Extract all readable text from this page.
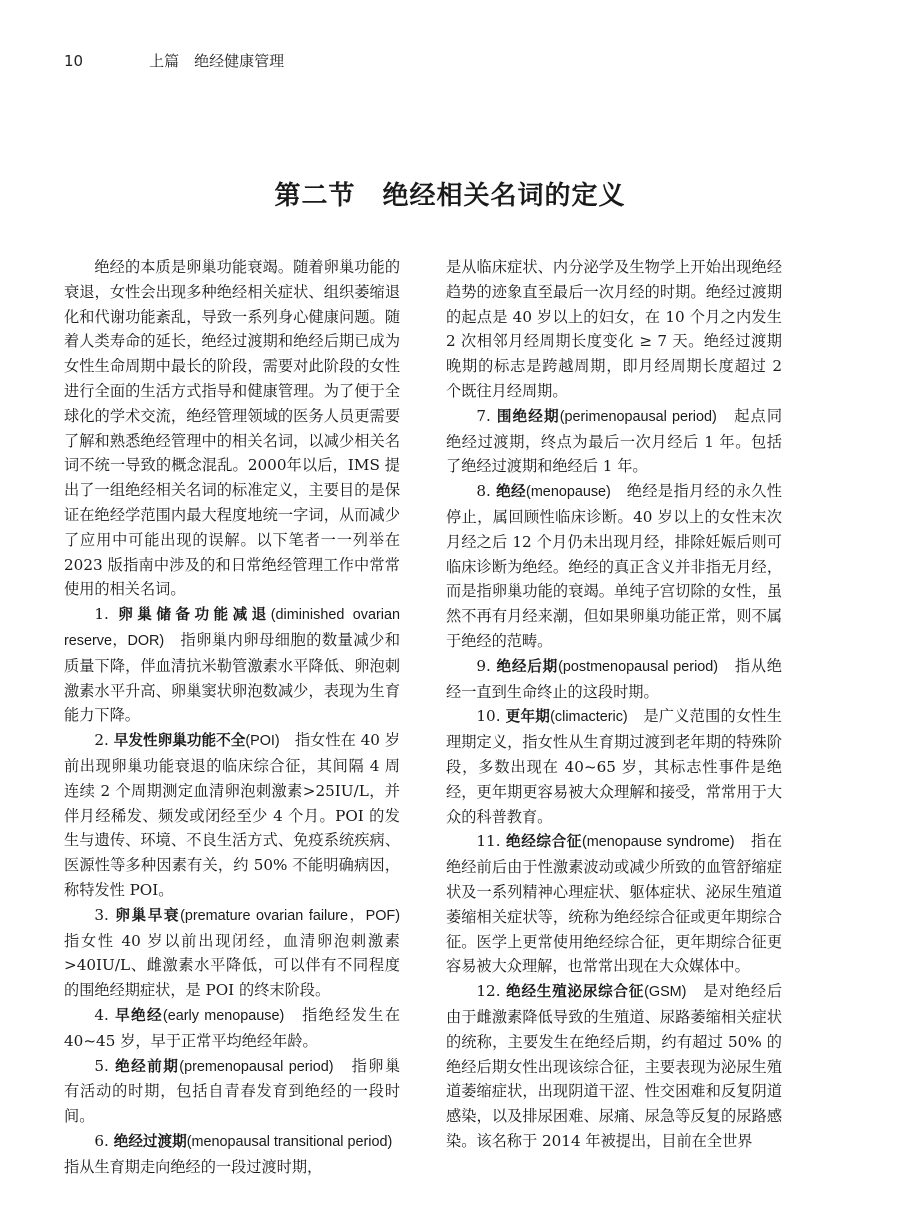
10	上篇　绝经健康管理
第二节　绝经相关名词的定义

绝经的本质是卵巢功能衰竭。随着卵巢功能的衰退，女性会出现多种绝经相关症状、组织萎缩退化和代谢功能紊乱，导致一系列身心健康问题。随着人类寿命的延长，绝经过渡期和绝经后期已成为女性生命周期中最长的阶段，需要对此阶段的女性进行全面的生活方式指导和健康管理。为了便于全球化的学术交流，绝经管理领域的医务人员更需要了解和熟悉绝经管理中的相关名词，以减少相关名词不统一导致的概念混乱。2000年以后，IMS 提出了一组绝经相关名词的标准定义，主要目的是保证在绝经学范围内最大程度地统一字词，从而减少了应用中可能出现的误解。以下笔者一一列举在 2023 版指南中涉及的和日常绝经管理工作中常常使用的相关名词。

1. 卵巢储备功能减退(diminished ovarian reserve，DOR)　指卵巢内卵母细胞的数量减少和质量下降，伴血清抗米勒管激素水平降低、卵泡刺激素水平升高、卵巢窦状卵泡数减少，表现为生育能力下降。

2. 早发性卵巢功能不全(POI)　指女性在 40 岁前出现卵巢功能衰退的临床综合征，其间隔 4 周连续 2 个周期测定血清卵泡刺激素>25IU/L，并伴月经稀发、频发或闭经至少 4 个月。POI 的发生与遗传、环境、不良生活方式、免疫系统疾病、医源性等多种因素有关，约 50% 不能明确病因，称特发性 POI。

3. 卵巢早衰(premature ovarian failure，POF)指女性 40 岁以前出现闭经，血清卵泡刺激素>40IU/L、雌激素水平降低，可以伴有不同程度的围绝经期症状，是 POI 的终末阶段。

4. 早绝经(early menopause)　指绝经发生在 40~45 岁，早于正常平均绝经年龄。

5. 绝经前期(premenopausal period)　指卵巢有活动的时期，包括自青春发育到绝经的一段时间。

6. 绝经过渡期(menopausal transitional period)　指从生育期走向绝经的一段过渡时期，

是从临床症状、内分泌学及生物学上开始出现绝经趋势的迹象直至最后一次月经的时期。绝经过渡期的起点是 40 岁以上的妇女，在 10 个月之内发生 2 次相邻月经周期长度变化 ≥ 7 天。绝经过渡期晚期的标志是跨越周期，即月经周期长度超过 2 个既往月经周期。

7. 围绝经期(perimenopausal period)　起点同绝经过渡期，终点为最后一次月经后 1 年。包括了绝经过渡期和绝经后 1 年。

8. 绝经(menopause)　绝经是指月经的永久性停止，属回顾性临床诊断。40 岁以上的女性末次月经之后 12 个月仍未出现月经，排除妊娠后则可临床诊断为绝经。绝经的真正含义并非指无月经，而是指卵巢功能的衰竭。单纯子宫切除的女性，虽然不再有月经来潮，但如果卵巢功能正常，则不属于绝经的范畴。

9. 绝经后期(postmenopausal period)　指从绝经一直到生命终止的这段时期。

10. 更年期(climacteric)　是广义范围的女性生理期定义，指女性从生育期过渡到老年期的特殊阶段，多数出现在 40~65 岁，其标志性事件是绝经，更年期更容易被大众理解和接受，常常用于大众的科普教育。

11. 绝经综合征(menopause syndrome)　指在绝经前后由于性激素波动或减少所致的血管舒缩症状及一系列精神心理症状、躯体症状、泌尿生殖道萎缩相关症状等，统称为绝经综合征或更年期综合征。医学上更常使用绝经综合征，更年期综合征更容易被大众理解，也常常出现在大众媒体中。

12. 绝经生殖泌尿综合征(GSM)　是对绝经后由于雌激素降低导致的生殖道、尿路萎缩相关症状的统称，主要发生在绝经后期，约有超过 50% 的绝经后期女性出现该综合征，主要表现为泌尿生殖道萎缩症状，出现阴道干涩、性交困难和反复阴道感染，以及排尿困难、尿痛、尿急等反复的尿路感染。该名称于 2014 年被提出，目前在全世界
